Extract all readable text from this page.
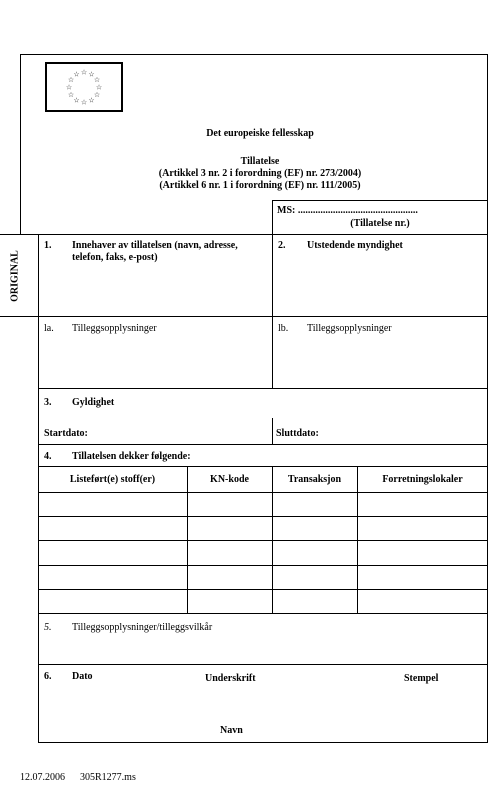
☆ ☆
☆
☆
☆
☆
☆
☆
☆
☆
☆
☆
Det europeiske fellesskap
Tillatelse
(Artikkel 3 nr. 2 i forordning (EF) nr. 273/2004)
(Artikkel 6 nr. 1 i forordning (EF) nr. 111/2005)
MS: ................................................
(Tillatelse nr.)
ORIGINAL
1. Innehaver av tillatelsen (navn, adresse,
telefon, faks, e-post)
2. Utstedende myndighet
la. Tilleggsopplysninger	lb. Tilleggsopplysninger
3. Gyldighet
Startdato:	Sluttdato:
4. Tillatelsen dekker følgende:
Listeført(e) stoff(er)	KN-kode	Transaksjon	Forretningslokaler
5. Tilleggsopplysninger/tilleggsvilkår
6. Dato	Underskrift	Stempel
Navn
12.07.2006 305R1277.ms
